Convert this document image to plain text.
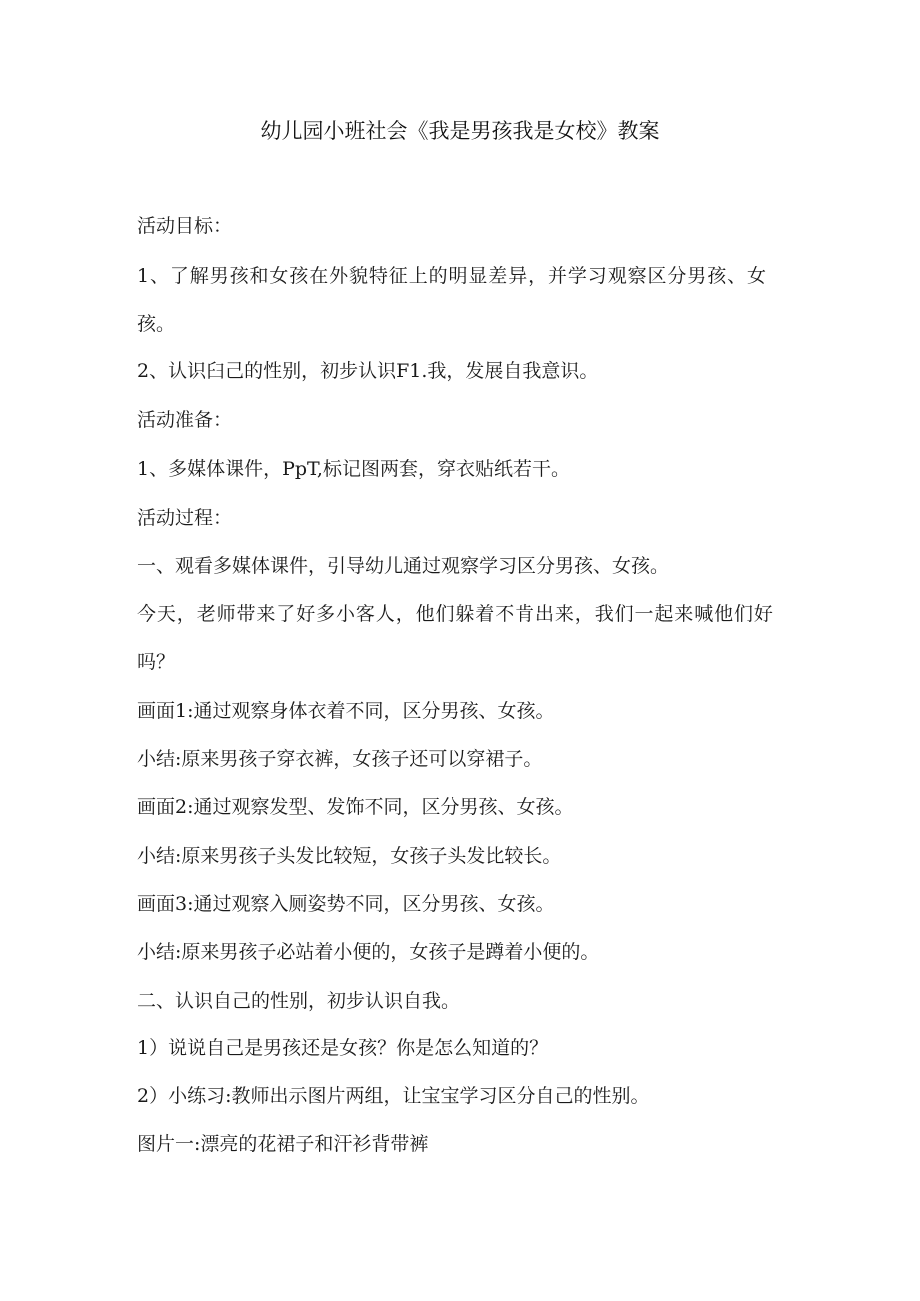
幼儿园小班社会《我是男孩我是女校》教案
活动目标：
1、了解男孩和女孩在外貌特征上的明显差异，并学习观察区分男孩、女
孩。
2、认识臼己的性别，初步认识F1.我，发展自我意识。
活动准备：
1、多媒体课件，PpT,标记图两套，穿衣贴纸若干。
活动过程：
一、观看多媒体课件，引导幼儿通过观察学习区分男孩、女孩。
今天，老师带来了好多小客人，他们躲着不肯出来，我们一起来喊他们好
吗？
画面1:通过观察身体衣着不同，区分男孩、女孩。
小结:原来男孩子穿衣裤，女孩子还可以穿裙子。
画面2:通过观察发型、发饰不同，区分男孩、女孩。
小结:原来男孩子头发比较短，女孩子头发比较长。
画面3:通过观察入厕姿势不同，区分男孩、女孩。
小结:原来男孩子必站着小便的，女孩子是蹲着小便的。
二、认识自己的性别，初步认识自我。
1）说说自己是男孩还是女孩？你是怎么知道的？
2）小练习:教师出示图片两组，让宝宝学习区分自己的性别。
图片一:漂亮的花裙子和汗衫背带裤
